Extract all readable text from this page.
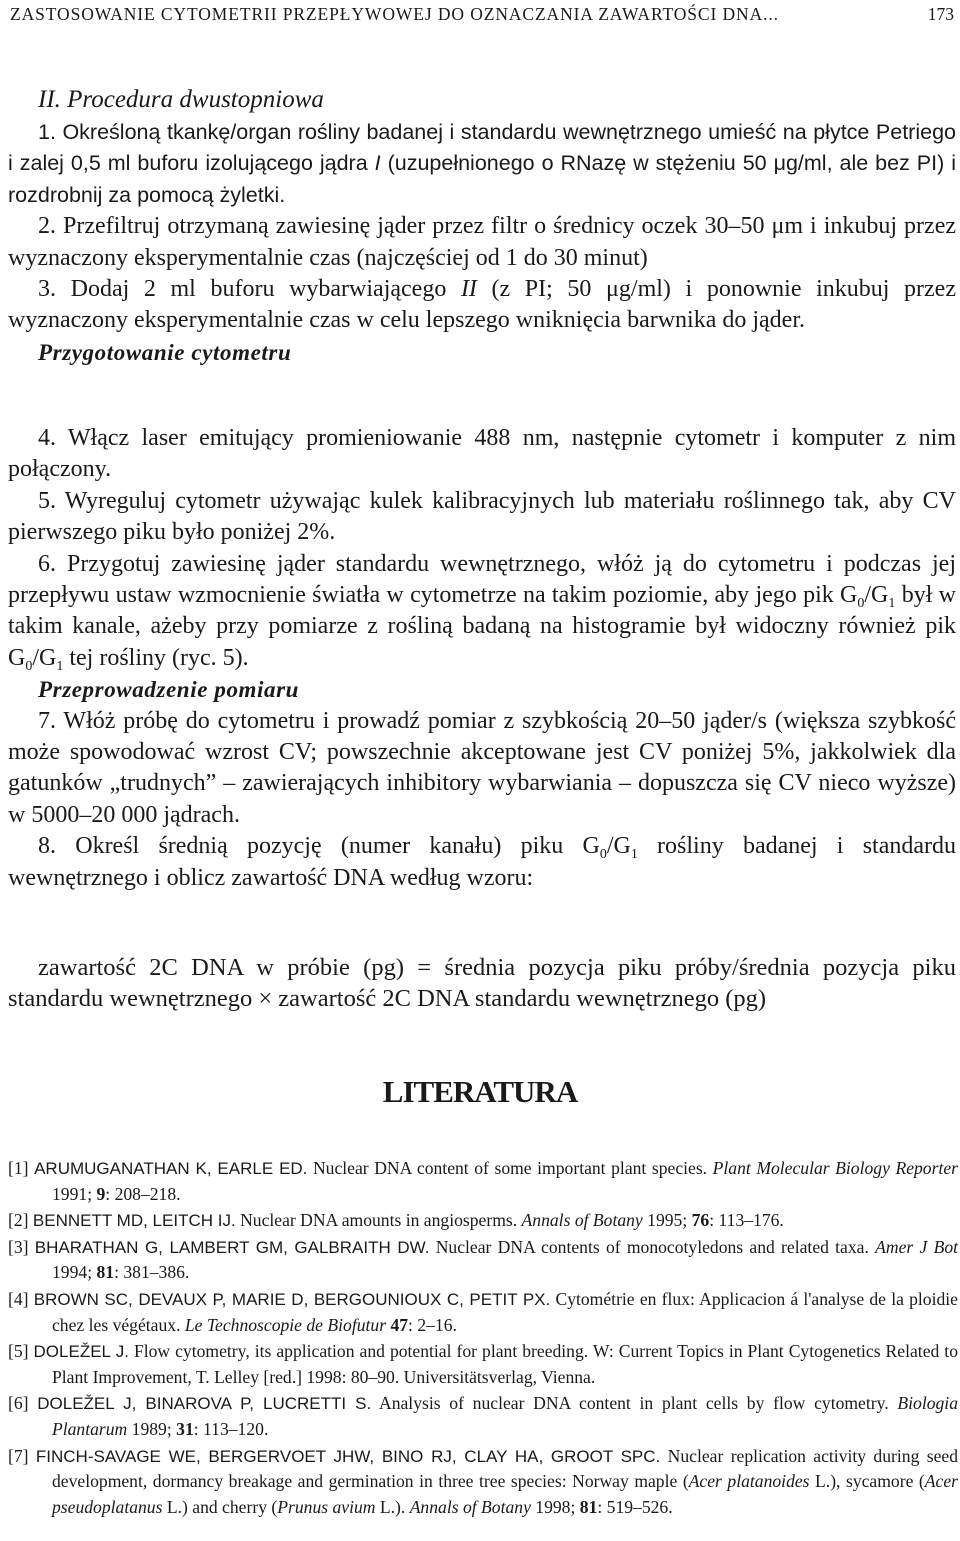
ZASTOSOWANIE CYTOMETRII PRZEPŁYWOWEJ DO OZNACZANIA ZAWARTOŚCI DNA...	173
II. Procedura dwustopniowa

1. Określoną tkankę/organ rośliny badanej i standardu wewnętrznego umieść na płytce Petriego i zalej 0,5 ml buforu izolującego jądra I (uzupełnionego o RNazę w stężeniu 50 μg/ml, ale bez PI) i rozdrobnij za pomocą żyletki.

2. Przefiltruj otrzymaną zawiesinę jąder przez filtr o średnicy oczek 30–50 μm i inkubuj przez wyznaczony eksperymentalnie czas (najczęściej od 1 do 30 minut)

3. Dodaj 2 ml buforu wybarwiającego II (z PI; 50 μg/ml) i ponownie inkubuj przez wyznaczony eksperymentalnie czas w celu lepszego wniknięcia barwnika do jąder.

Przygotowanie cytometru

4. Włącz laser emitujący promieniowanie 488 nm, następnie cytometr i komputer z nim połączony.

5. Wyreguluj cytometr używając kulek kalibracyjnych lub materiału roślinnego tak, aby CV pierwszego piku było poniżej 2%.

6. Przygotuj zawiesinę jąder standardu wewnętrznego, włóż ją do cytometru i podczas jej przepływu ustaw wzmocnienie światła w cytometrze na takim poziomie, aby jego pik $G_0/G_1$ był w takim kanale, ażeby przy pomiarze z rośliną badaną na histogramie był widoczny również pik $G_0/G_1$ tej rośliny (ryc. 5).

Przeprowadzenie pomiaru

7. Włóż próbę do cytometru i prowadź pomiar z szybkością 20–50 jąder/s (większa szybkość może spowodować wzrost CV; powszechnie akceptowane jest CV poniżej 5%, jakkolwiek dla gatunków „trudnych” – zawierających inhibitory wybarwiania – dopuszcza się CV nieco wyższe) w 5000–20 000 jądrach.

8. Określ średnią pozycję (numer kanału) piku $G_0/G_1$ rośliny badanej i standardu wewnętrznego i oblicz zawartość DNA według wzoru:

zawartość 2C DNA w próbie (pg) = średnia pozycja piku próby/średnia pozycja piku standardu wewnętrznego × zawartość 2C DNA standardu wewnętrznego (pg)

LITERATURA

[1] ARUMUGANATHAN K, EARLE ED. Nuclear DNA content of some important plant species. Plant Molecular Biology Reporter 1991; 9: 208–218.

[2] BENNETT MD, LEITCH IJ. Nuclear DNA amounts in angiosperms. Annals of Botany 1995; 76: 113–176.

[3] BHARATHAN G, LAMBERT GM, GALBRAITH DW. Nuclear DNA contents of monocotyledons and related taxa. Amer J Bot 1994; 81: 381–386.

[4] BROWN SC, DEVAUX P, MARIE D, BERGOUNIOUX C, PETIT PX. Cytométrie en flux: Applicacion á l'analyse de la ploidie chez les végétaux. Le Technoscopie de Biofutur 47: 2–16.

[5] DOLEŽEL J. Flow cytometry, its application and potential for plant breeding. W: Current Topics in Plant Cytogenetics Related to Plant Improvement, T. Lelley [red.] 1998: 80–90. Universitätsverlag, Vienna.

[6] DOLEŽEL J, BINAROVA P, LUCRETTI S. Analysis of nuclear DNA content in plant cells by flow cytometry. Biologia Plantarum 1989; 31: 113–120.

[7] FINCH-SAVAGE WE, BERGERVOET JHW, BINO RJ, CLAY HA, GROOT SPC. Nuclear replication activity during seed development, dormancy breakage and germination in three tree species: Norway maple (Acer platanoides L.), sycamore (Acer pseudoplatanus L.) and cherry (Prunus avium L.). Annals of Botany 1998; 81: 519–526.
